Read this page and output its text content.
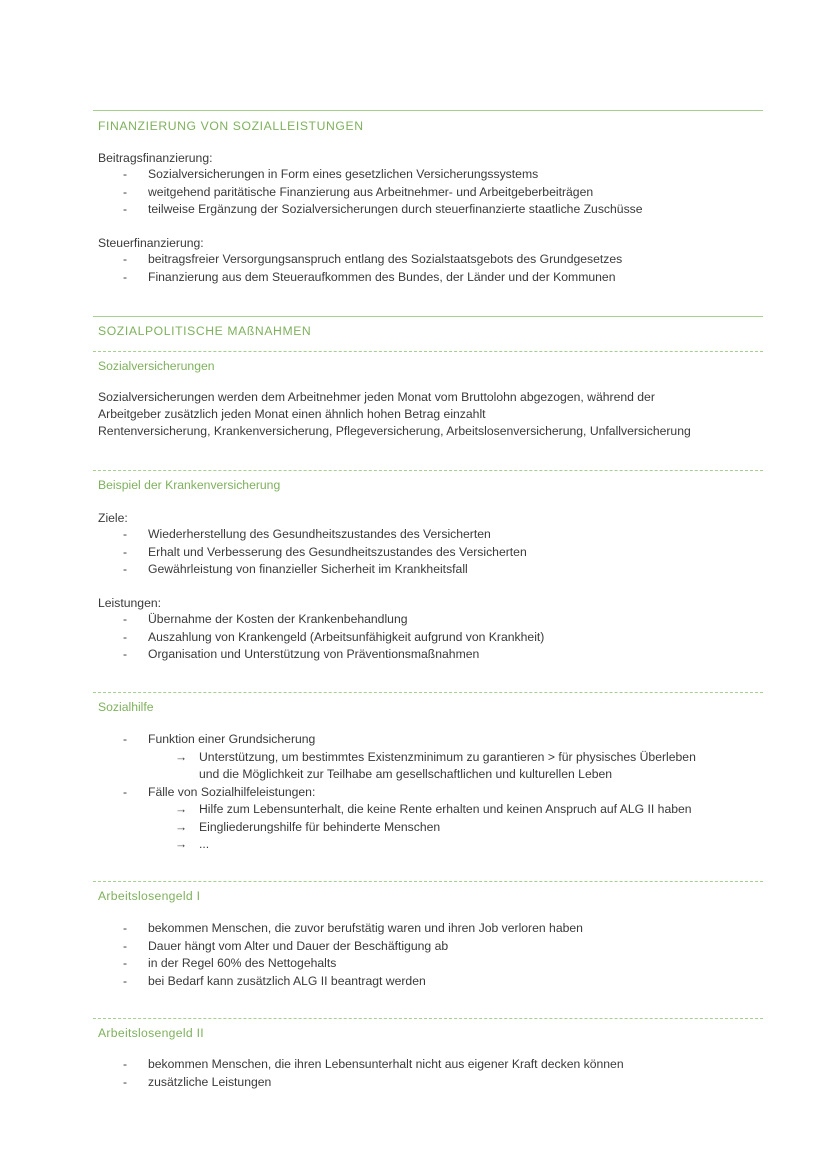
FINANZIERUNG VON SOZIALLEISTUNGEN
Beitragsfinanzierung:
- Sozialversicherungen in Form eines gesetzlichen Versicherungssystems
- weitgehend paritätische Finanzierung aus Arbeitnehmer- und Arbeitgeberbeiträgen
- teilweise Ergänzung der Sozialversicherungen durch steuerfinanzierte staatliche Zuschüsse
Steuerfinanzierung:
- beitragsfreier Versorgungsanspruch entlang des Sozialstaatsgebots des Grundgesetzes
- Finanzierung aus dem Steueraufkommen des Bundes, der Länder und der Kommunen
SOZIALPOLITISCHE MAßNAHMEN
Sozialversicherungen
Sozialversicherungen werden dem Arbeitnehmer jeden Monat vom Bruttolohn abgezogen, während der
Arbeitgeber zusätzlich jeden Monat einen ähnlich hohen Betrag einzahlt
Rentenversicherung, Krankenversicherung, Pflegeversicherung, Arbeitslosenversicherung, Unfallversicherung
Beispiel der Krankenversicherung
Ziele:
- Wiederherstellung des Gesundheitszustandes des Versicherten
- Erhalt und Verbesserung des Gesundheitszustandes des Versicherten
- Gewährleistung von finanzieller Sicherheit im Krankheitsfall
Leistungen:
- Übernahme der Kosten der Krankenbehandlung
- Auszahlung von Krankengeld (Arbeitsunfähigkeit aufgrund von Krankheit)
- Organisation und Unterstützung von Präventionsmaßnahmen
Sozialhilfe
- Funktion einer Grundsicherung
→ Unterstützung, um bestimmtes Existenzminimum zu garantieren > für physisches Überleben
und die Möglichkeit zur Teilhabe am gesellschaftlichen und kulturellen Leben
- Fälle von Sozialhilfeleistungen:
→ Hilfe zum Lebensunterhalt, die keine Rente erhalten und keinen Anspruch auf ALG II haben
→ Eingliederungshilfe für behinderte Menschen
→ ...
Arbeitslosengeld I
- bekommen Menschen, die zuvor berufstätig waren und ihren Job verloren haben
- Dauer hängt vom Alter und Dauer der Beschäftigung ab
- in der Regel 60% des Nettogehalts
- bei Bedarf kann zusätzlich ALG II beantragt werden
Arbeitslosengeld II
- bekommen Menschen, die ihren Lebensunterhalt nicht aus eigener Kraft decken können
- zusätzliche Leistungen
